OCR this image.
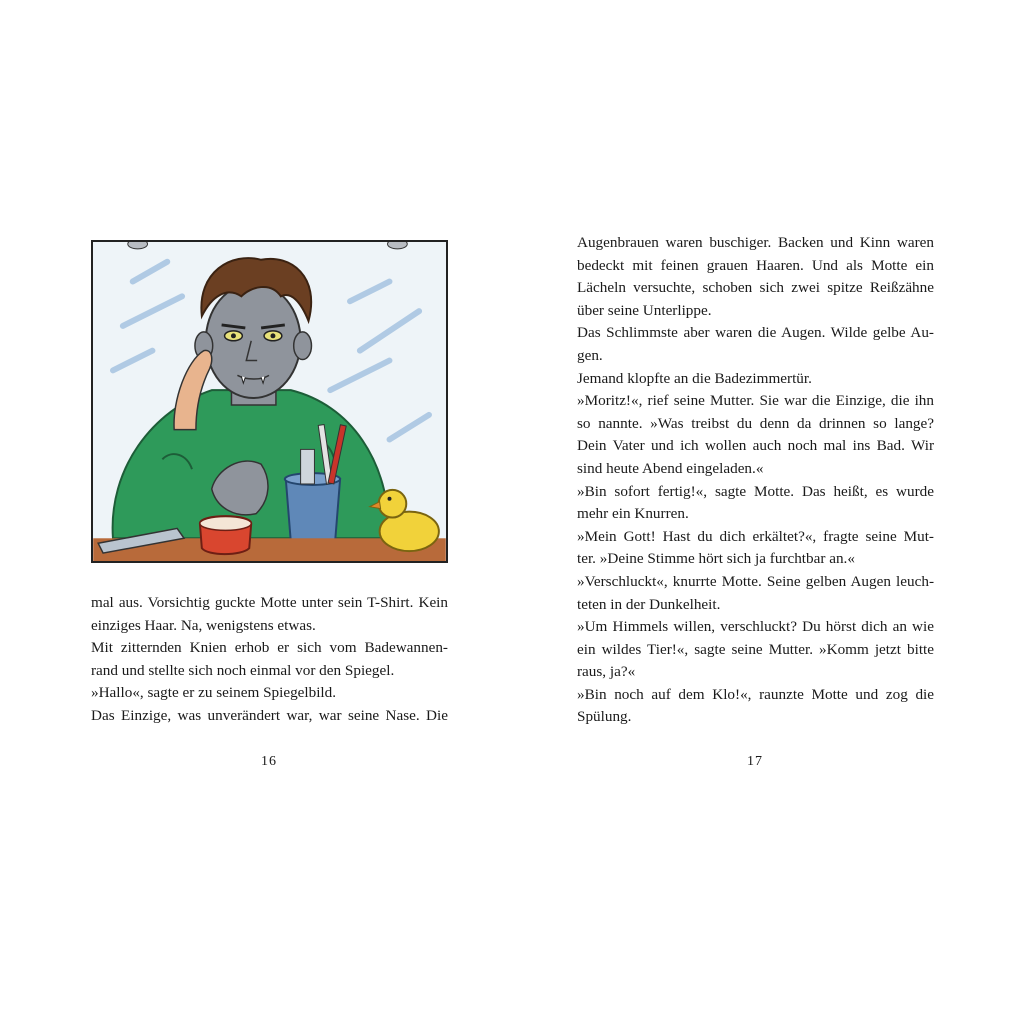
mal aus. Vorsichtig guckte Motte unter sein T-Shirt. Kein
einziges Haar. Na, wenigstens etwas.
Mit zitternden Knien erhob er sich vom Badewannen-
rand und stellte sich noch einmal vor den Spiegel.
»Hallo«, sagte er zu seinem Spiegelbild.
Das Einzige, was unverändert war, war seine Nase. Die
16
Augenbrauen waren buschiger. Backen und Kinn waren
bedeckt mit feinen grauen Haaren. Und als Motte ein
Lächeln versuchte, schoben sich zwei spitze Reißzähne
über seine Unterlippe.
Das Schlimmste aber waren die Augen. Wilde gelbe Au-
gen.
Jemand klopfte an die Badezimmertür.
»Moritz!«, rief seine Mutter. Sie war die Einzige, die ihn
so nannte. »Was treibst du denn da drinnen so lange?
Dein Vater und ich wollen auch noch mal ins Bad. Wir
sind heute Abend eingeladen.«
»Bin sofort fertig!«, sagte Motte. Das heißt, es wurde
mehr ein Knurren.
»Mein Gott! Hast du dich erkältet?«, fragte seine Mut-
ter. »Deine Stimme hört sich ja furchtbar an.«
»Verschluckt«, knurrte Motte. Seine gelben Augen leuch-
teten in der Dunkelheit.
»Um Himmels willen, verschluckt? Du hörst dich an wie
ein wildes Tier!«, sagte seine Mutter. »Komm jetzt bitte
raus, ja?«
»Bin noch auf dem Klo!«, raunzte Motte und zog die
Spülung.
17
